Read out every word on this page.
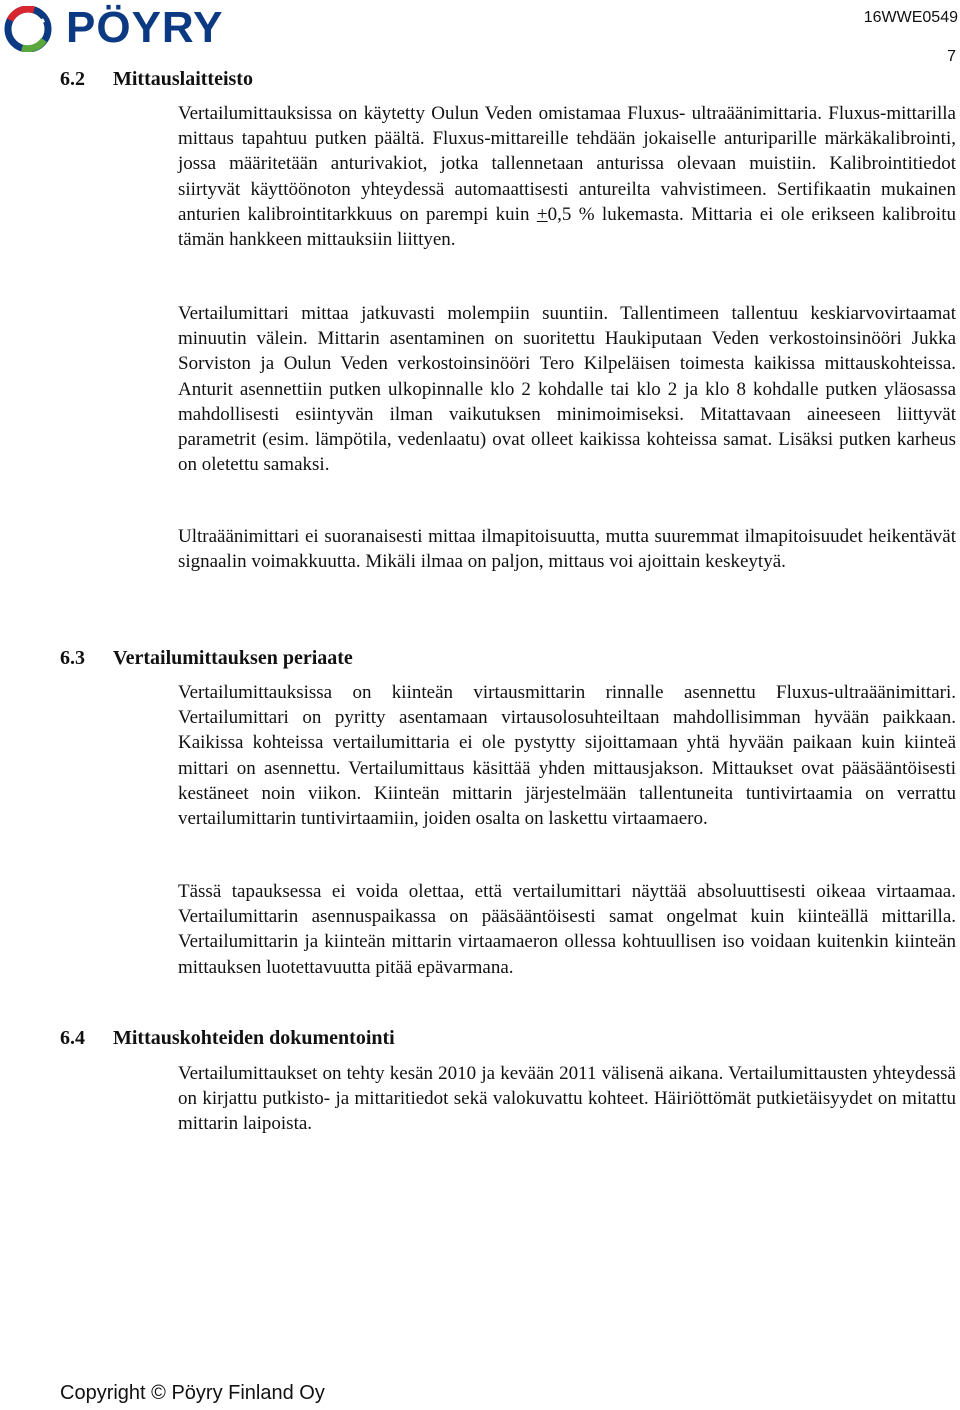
PÖYRY	16WWE0549
7
6.2 Mittauslaitteisto

Vertailumittauksissa on käytetty Oulun Veden omistamaa Fluxus- ultraäänimittaria. Fluxus-mittarilla mittaus tapahtuu putken päältä. Fluxus-mittareille tehdään jokaiselle anturiparille märkäkalibrointi, jossa määritetään anturivakiot, jotka tallennetaan anturissa olevaan muistiin. Kalibrointitiedot siirtyvät käyttöönoton yhteydessä automaattisesti antureilta vahvistimeen. Sertifikaatin mukainen anturien kalibrointitarkkuus on parempi kuin +0,5 % lukemasta. Mittaria ei ole erikseen kalibroitu tämän hankkeen mittauksiin liittyen.

Vertailumittari mittaa jatkuvasti molempiin suuntiin. Tallentimeen tallentuu keskiarvovirtaamat minuutin välein. Mittarin asentaminen on suoritettu Haukiputaan Veden verkostoinsinööri Jukka Sorviston ja Oulun Veden verkostoinsinööri Tero Kilpeläisen toimesta kaikissa mittauskohteissa. Anturit asennettiin putken ulkopinnalle klo 2 kohdalle tai klo 2 ja klo 8 kohdalle putken yläosassa mahdollisesti esiintyvän ilman vaikutuksen minimoimiseksi. Mitattavaan aineeseen liittyvät parametrit (esim. lämpötila, vedenlaatu) ovat olleet kaikissa kohteissa samat. Lisäksi putken karheus on oletettu samaksi.

Ultraäänimittari ei suoranaisesti mittaa ilmapitoisuutta, mutta suuremmat ilmapitoisuudet heikentävät signaalin voimakkuutta. Mikäli ilmaa on paljon, mittaus voi ajoittain keskeytyä.

6.3 Vertailumittauksen periaate

Vertailumittauksissa on kiinteän virtausmittarin rinnalle asennettu Fluxus-ultraäänimittari. Vertailumittari on pyritty asentamaan virtausolosuhteiltaan mahdollisimman hyvään paikkaan. Kaikissa kohteissa vertailumittaria ei ole pystytty sijoittamaan yhtä hyvään paikaan kuin kiinteä mittari on asennettu. Vertailumittaus käsittää yhden mittausjakson. Mittaukset ovat pääsääntöisesti kestäneet noin viikon. Kiinteän mittarin järjestelmään tallentuneita tuntivirtaamia on verrattu vertailumittarin tuntivirtaamiin, joiden osalta on laskettu virtaamaero.

Tässä tapauksessa ei voida olettaa, että vertailumittari näyttää absoluuttisesti oikeaa virtaamaa. Vertailumittarin asennuspaikassa on pääsääntöisesti samat ongelmat kuin kiinteällä mittarilla. Vertailumittarin ja kiinteän mittarin virtaamaeron ollessa kohtuullisen iso voidaan kuitenkin kiinteän mittauksen luotettavuutta pitää epävarmana.

6.4 Mittauskohteiden dokumentointi

Vertailumittaukset on tehty kesän 2010 ja kevään 2011 välisenä aikana. Vertailumittausten yhteydessä on kirjattu putkisto- ja mittaritiedot sekä valokuvattu kohteet. Häiriöttömät putkietäisyydet on mitattu mittarin laipoista.

Copyright © Pöyry Finland Oy
